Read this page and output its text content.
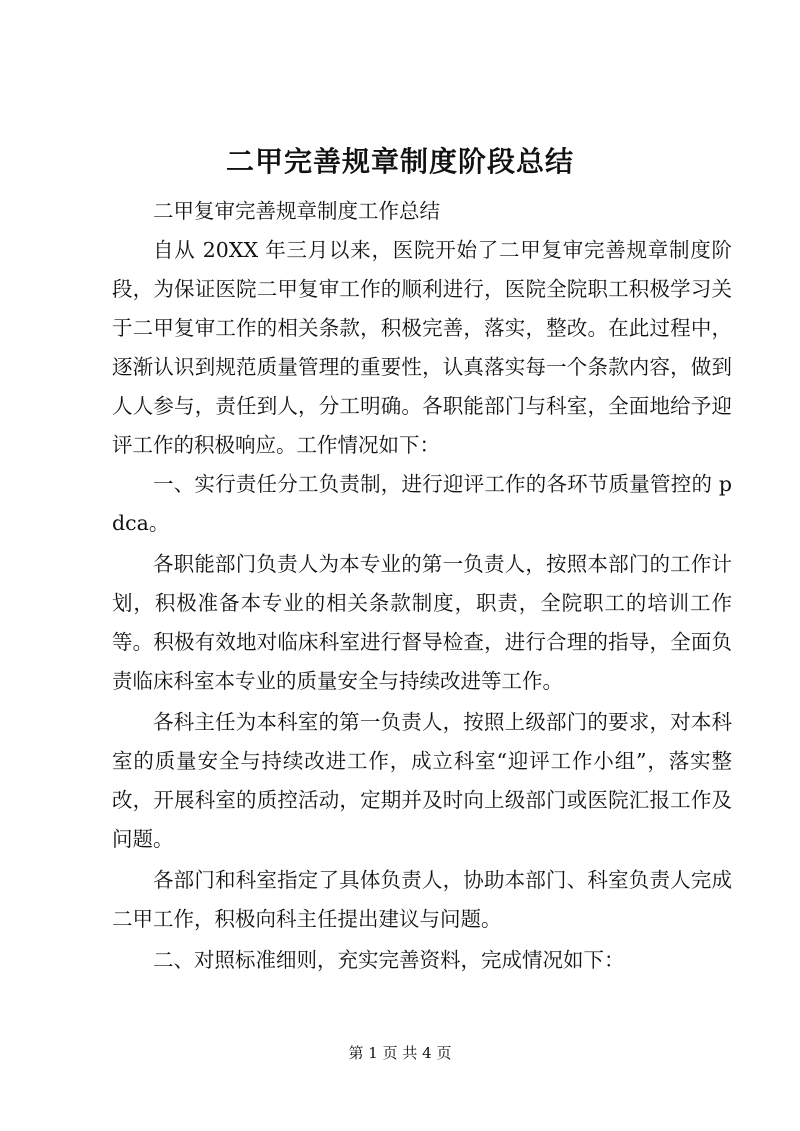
二甲完善规章制度阶段总结

二甲复审完善规章制度工作总结

自从 20XX 年三月以来，医院开始了二甲复审完善规章制度阶段，为保证医院二甲复审工作的顺利进行，医院全院职工积极学习关于二甲复审工作的相关条款，积极完善，落实，整改。在此过程中，逐渐认识到规范质量管理的重要性，认真落实每一个条款内容，做到人人参与，责任到人，分工明确。各职能部门与科室，全面地给予迎评工作的积极响应。工作情况如下：

一、实行责任分工负责制，进行迎评工作的各环节质量管控的 pdca。

各职能部门负责人为本专业的第一负责人，按照本部门的工作计划，积极准备本专业的相关条款制度，职责，全院职工的培训工作等。积极有效地对临床科室进行督导检查，进行合理的指导，全面负责临床科室本专业的质量安全与持续改进等工作。

各科主任为本科室的第一负责人，按照上级部门的要求，对本科室的质量安全与持续改进工作，成立科室“迎评工作小组”，落实整改，开展科室的质控活动，定期并及时向上级部门或医院汇报工作及问题。

各部门和科室指定了具体负责人，协助本部门、科室负责人完成二甲工作，积极向科主任提出建议与问题。

二、对照标准细则，充实完善资料，完成情况如下：

第 1 页 共 4 页
